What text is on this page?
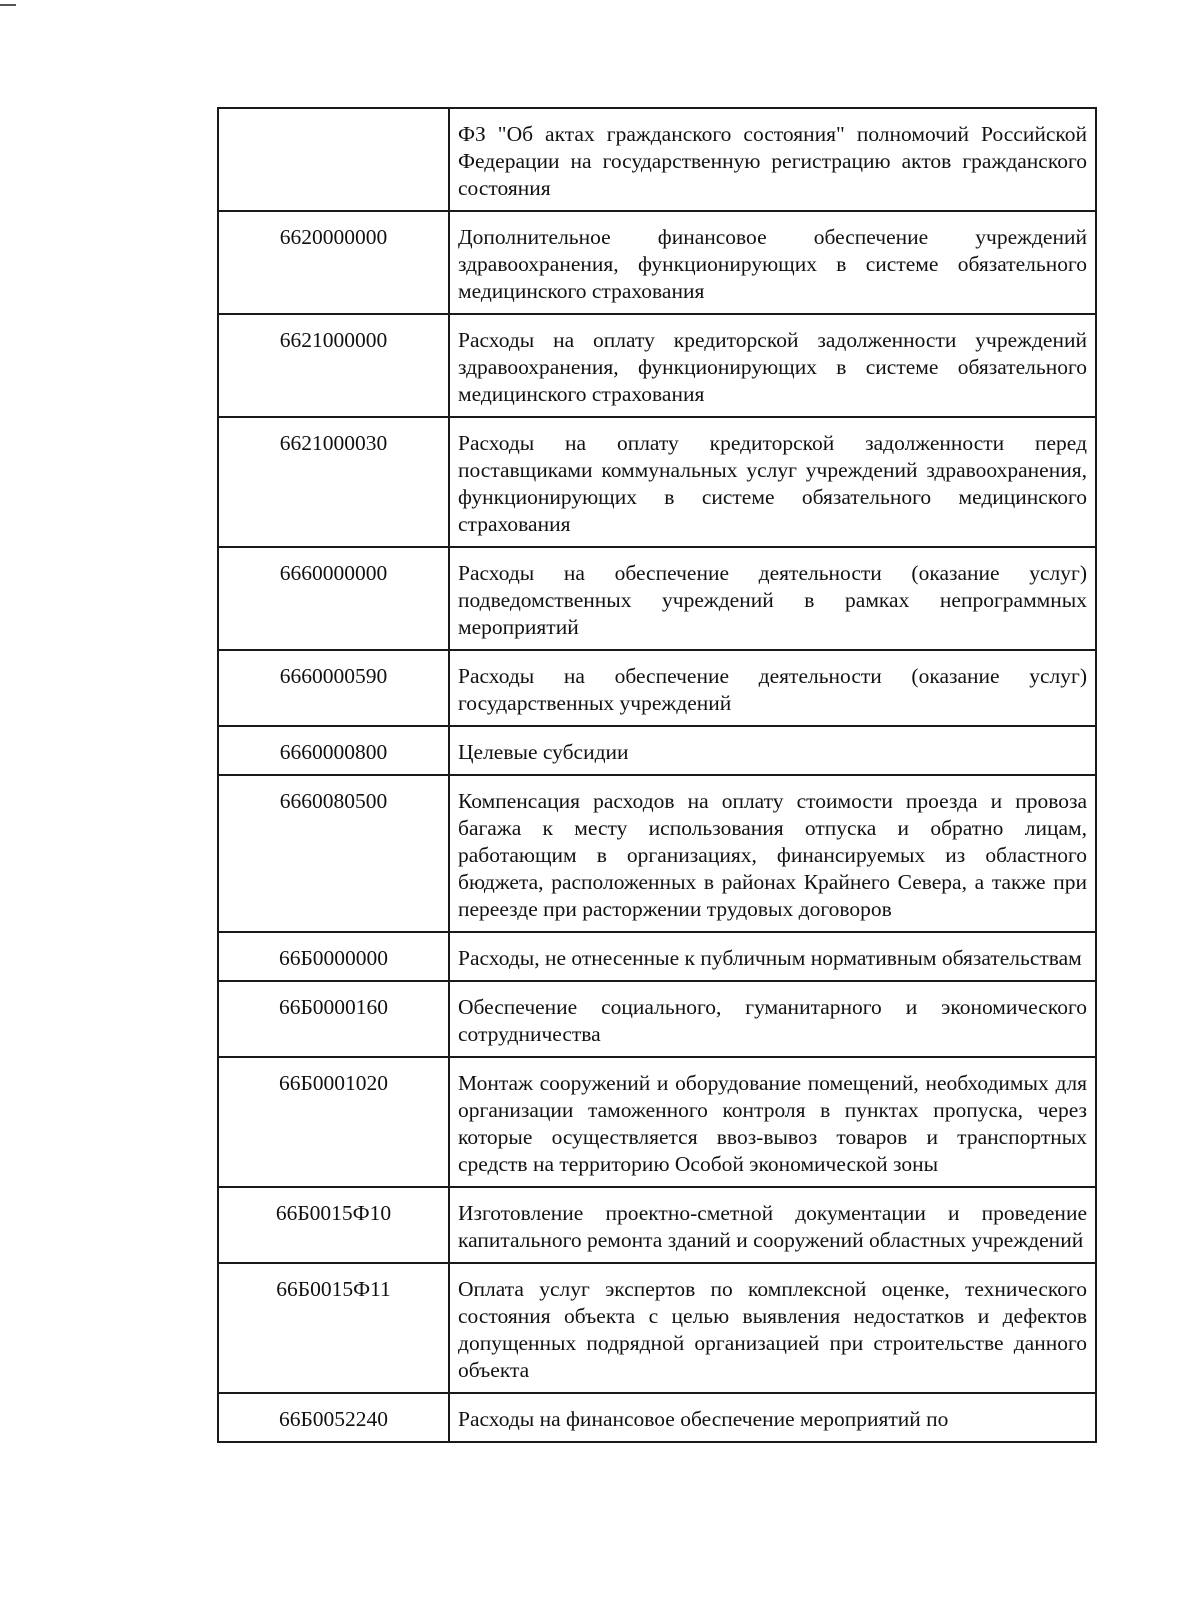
	ФЗ "Об актах гражданского состояния" полномочий Российской Федерации на государственную регистрацию актов гражданского состояния
6620000000	Дополнительное финансовое обеспечение учреждений здравоохранения, функционирующих в системе обязательного медицинского страхования
6621000000	Расходы на оплату кредиторской задолженности учреждений здравоохранения, функционирующих в системе обязательного медицинского страхования
6621000030	Расходы на оплату кредиторской задолженности перед поставщиками коммунальных услуг учреждений здравоохранения, функционирующих в системе обязательного медицинского страхования
6660000000	Расходы на обеспечение деятельности (оказание услуг) подведомственных учреждений в рамках непрограммных мероприятий
6660000590	Расходы на обеспечение деятельности (оказание услуг) государственных учреждений
6660000800	Целевые субсидии
6660080500	Компенсация расходов на оплату стоимости проезда и провоза багажа к месту использования отпуска и обратно лицам, работающим в организациях, финансируемых из областного бюджета, расположенных в районах Крайнего Севера, а также при переезде при расторжении трудовых договоров
66Б0000000	Расходы, не отнесенные к публичным нормативным обязательствам
66Б0000160	Обеспечение социального, гуманитарного и экономического сотрудничества
66Б0001020	Монтаж сооружений и оборудование помещений, необходимых для организации таможенного контроля в пунктах пропуска, через которые осуществляется ввоз-вывоз товаров и транспортных средств на территорию Особой экономической зоны
66Б0015Ф10	Изготовление проектно-сметной документации и проведение капитального ремонта зданий и сооружений областных учреждений
66Б0015Ф11	Оплата услуг экспертов по комплексной оценке, технического состояния объекта с целью выявления недостатков и дефектов допущенных подрядной организацией при строительстве данного объекта
66Б0052240	Расходы на финансовое обеспечение мероприятий по
